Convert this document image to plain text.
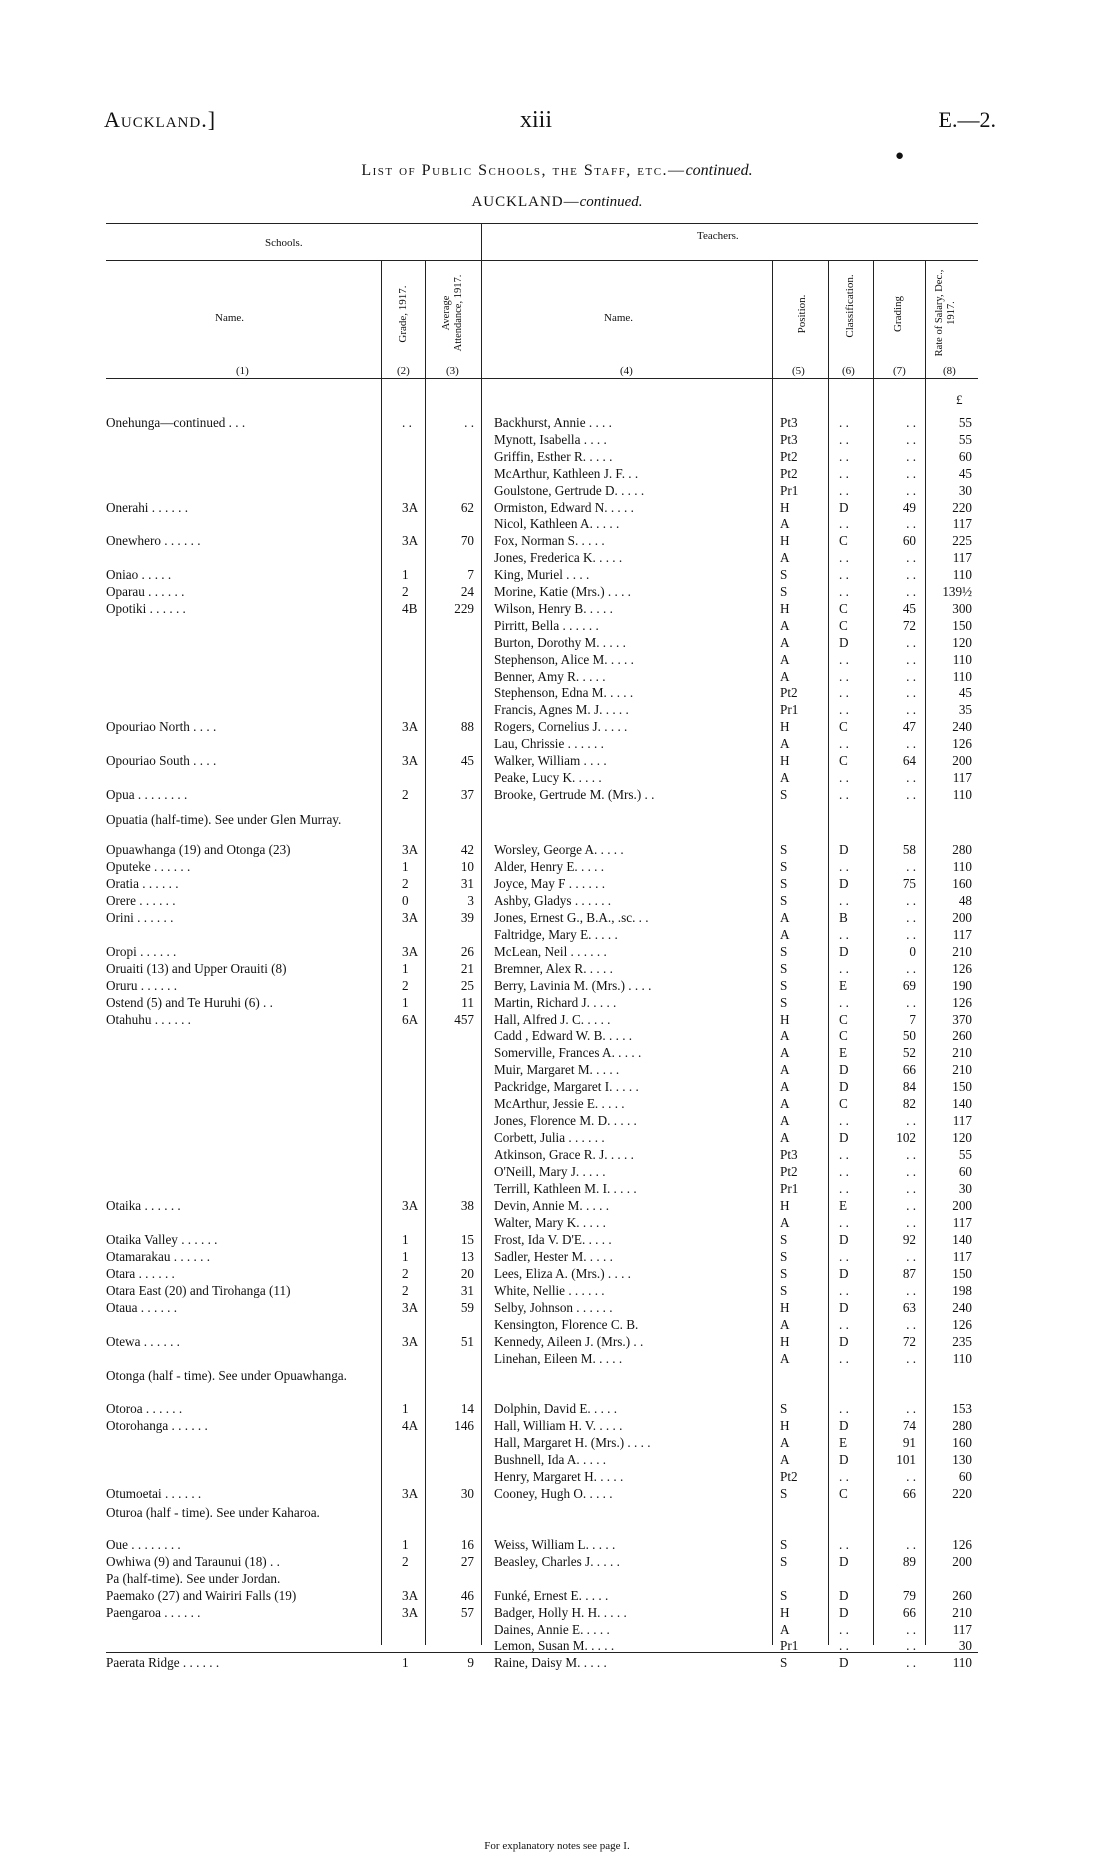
Auckland.]	xiii	E.—2.
●
List of Public Schools, the Staff, etc.—continued.
AUCKLAND—continued.
Schools.
Teachers.
Name.	Name.
Grade, 1917.	Average Attendance, 1917.	Position.	Classification.	Grading	Rate of Salary, Dec., 1917.
(1)	(2)	(3)	(4)	(5)	(6)	(7)	(8)
£
Onehunga—continued . . .	. .	. . Backhurst, Annie . . . .	Pt3	. .	. .	55
Mynott, Isabella . . . .	Pt3	. .	. .	55
Griffin, Esther R. . . . .	Pt2	. .	. .	60
McArthur, Kathleen J. F. . .	Pt2	. .	. .	45
Goulstone, Gertrude D. . . . .	Pr1	. .	. .	30
Onerahi . . . . . .	3A	62 Ormiston, Edward N. . . . .	H	D	49	220
Nicol, Kathleen A. . . . .	A	. .	. .	117
Onewhero . . . . . .	3A	70 Fox, Norman S. . . . .	H	C	60	225
Jones, Frederica K. . . . .	A	. .	. .	117
Oniao . . . . .	1	7 King, Muriel . . . .	S	. .	. .	110
Oparau . . . . . .	2	24 Morine, Katie (Mrs.) . . . .	S	. .	. .	139½
Opotiki . . . . . .	4B	229 Wilson, Henry B. . . . .	H	C	45	300
Pirritt, Bella . . . . . .	A	C	72	150
Burton, Dorothy M. . . . .	A	D	. .	120
Stephenson, Alice M. . . . .	A	. .	. .	110
Benner, Amy R. . . . .	A	. .	. .	110
Stephenson, Edna M. . . . .	Pt2	. .	. .	45
Francis, Agnes M. J. . . . .	Pr1	. .	. .	35
Opouriao North . . . .	3A	88 Rogers, Cornelius J. . . . .	H	C	47	240
Lau, Chrissie . . . . . .	A	. .	. .	126
Opouriao South . . . .	3A	45 Walker, William . . . .	H	C	64	200
Peake, Lucy K. . . . .	A	. .	. .	117
Opua . . . . . . . .	2	37 Brooke, Gertrude M. (Mrs.) . .	S	. .	. .	110
Opuatia (half-time). See under Glen Murray.
Opuawhanga (19) and Otonga (23)	3A	42 Worsley, George A. . . . .	S	D	58	280
Oputeke . . . . . .	1	10 Alder, Henry E. . . . .	S	. .	. .	110
Oratia . . . . . .	2	31 Joyce, May F . . . . . .	S	D	75	160
Orere . . . . . .	0	3 Ashby, Gladys . . . . . .	S	. .	. .	48
Orini . . . . . .	3A	39 Jones, Ernest G., B.A., .sc. . .	A	B	. .	200
Faltridge, Mary E. . . . .	A	. .	. .	117
Oropi . . . . . .	3A	26 McLean, Neil . . . . . .	S	D	0	210
Oruaiti (13) and Upper Orauiti (8)	1	21 Bremner, Alex R. . . . .	S	. .	. .	126
Oruru . . . . . .	2	25 Berry, Lavinia M. (Mrs.) . . . .	S	E	69	190
Ostend (5) and Te Huruhi (6) . .	1	11 Martin, Richard J. . . . .	S	. .	. .	126
Otahuhu . . . . . .	6A	457 Hall, Alfred J. C. . . . .	H	C	7	370
Cadd , Edward W. B. . . . .	A	C	50	260
Somerville, Frances A. . . . .	A	E	52	210
Muir, Margaret M. . . . .	A	D	66	210
Packridge, Margaret I. . . . .	A	D	84	150
McArthur, Jessie E. . . . .	A	C	82	140
Jones, Florence M. D. . . . .	A	. .	. .	117
Corbett, Julia . . . . . .	A	D	102	120
Atkinson, Grace R. J. . . . .	Pt3	. .	. .	55
O'Neill, Mary J. . . . .	Pt2	. .	. .	60
Terrill, Kathleen M. I. . . . .	Pr1	. .	. .	30
Otaika . . . . . .	3A	38 Devin, Annie M. . . . .	H	E	. .	200
Walter, Mary K. . . . .	A	. .	. .	117
Otaika Valley . . . . . .	1	15 Frost, Ida V. D'E. . . . .	S	D	92	140
Otamarakau . . . . . .	1	13 Sadler, Hester M. . . . .	S	. .	. .	117
Otara . . . . . .	2	20 Lees, Eliza A. (Mrs.) . . . .	S	D	87	150
Otara East (20) and Tirohanga (11)	2	31 White, Nellie . . . . . .	S	. .	. .	198
Otaua . . . . . .	3A	59 Selby, Johnson . . . . . .	H	D	63	240
Kensington, Florence C. B.	A	. .	. .	126
Otewa . . . . . .	3A	51 Kennedy, Aileen J. (Mrs.) . .	H	D	72	235
Linehan, Eileen M. . . . .	A	. .	. .	110
Otonga (half - time). See under Opuawhanga.
Otoroa . . . . . .	1	14 Dolphin, David E. . . . .	S	. .	. .	153
Otorohanga . . . . . .	4A	146 Hall, William H. V. . . . .	H	D	74	280
Hall, Margaret H. (Mrs.) . . . .	A	E	91	160
Bushnell, Ida A. . . . .	A	D	101	130
Henry, Margaret H. . . . .	Pt2	. .	. .	60
Otumoetai . . . . . .	3A	30 Cooney, Hugh O. . . . .	S	C	66	220
Oturoa (half - time). See under Kaharoa.
Oue . . . . . . . .	1	16 Weiss, William L. . . . .	S	. .	. .	126
Owhiwa (9) and Taraunui (18) . .	2	27 Beasley, Charles J. . . . .	S	D	89	200
Pa (half-time). See under Jordan.
Paemako (27) and Wairiri Falls (19)	3A	46 Funké, Ernest E. . . . .	S	D	79	260
Paengaroa . . . . . .	3A	57 Badger, Holly H. H. . . . .	H	D	66	210
Daines, Annie E. . . . .	A	. .	. .	117
Lemon, Susan M. . . . .	Pr1	. .	. .	30
Paerata Ridge . . . . . .	1	9 Raine, Daisy M. . . . .	S	D	. .	110
For explanatory notes see page I.
